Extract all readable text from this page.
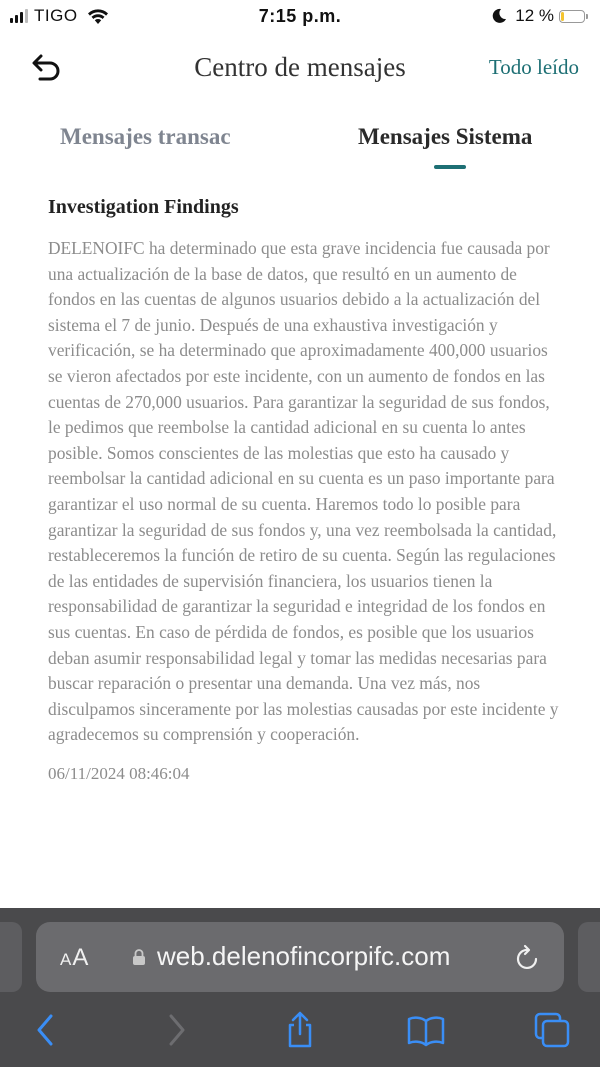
TIGO	7:15 p.m.	12 %
Centro de mensajes	Todo leído
Mensajes transac	Mensajes Sistema
Investigation Findings

DELENOIFC ha determinado que esta grave incidencia fue causada por una actualización de la base de datos, que resultó en un aumento de fondos en las cuentas de algunos usuarios debido a la actualización del sistema el 7 de junio. Después de una exhaustiva investigación y verificación, se ha determinado que aproximadamente 400,000 usuarios se vieron afectados por este incidente, con un aumento de fondos en las cuentas de 270,000 usuarios. Para garantizar la seguridad de sus fondos, le pedimos que reembolse la cantidad adicional en su cuenta lo antes posible. Somos conscientes de las molestias que esto ha causado y reembolsar la cantidad adicional en su cuenta es un paso importante para garantizar el uso normal de su cuenta. Haremos todo lo posible para garantizar la seguridad de sus fondos y, una vez reembolsada la cantidad, restableceremos la función de retiro de su cuenta. Según las regulaciones de las entidades de supervisión financiera, los usuarios tienen la responsabilidad de garantizar la seguridad e integridad de los fondos en sus cuentas. En caso de pérdida de fondos, es posible que los usuarios deban asumir responsabilidad legal y tomar las medidas necesarias para buscar reparación o presentar una demanda. Una vez más, nos disculpamos sinceramente por las molestias causadas por este incidente y agradecemos su comprensión y cooperación.

06/11/2024 08:46:04
AA	web.delenofincorpifc.com
